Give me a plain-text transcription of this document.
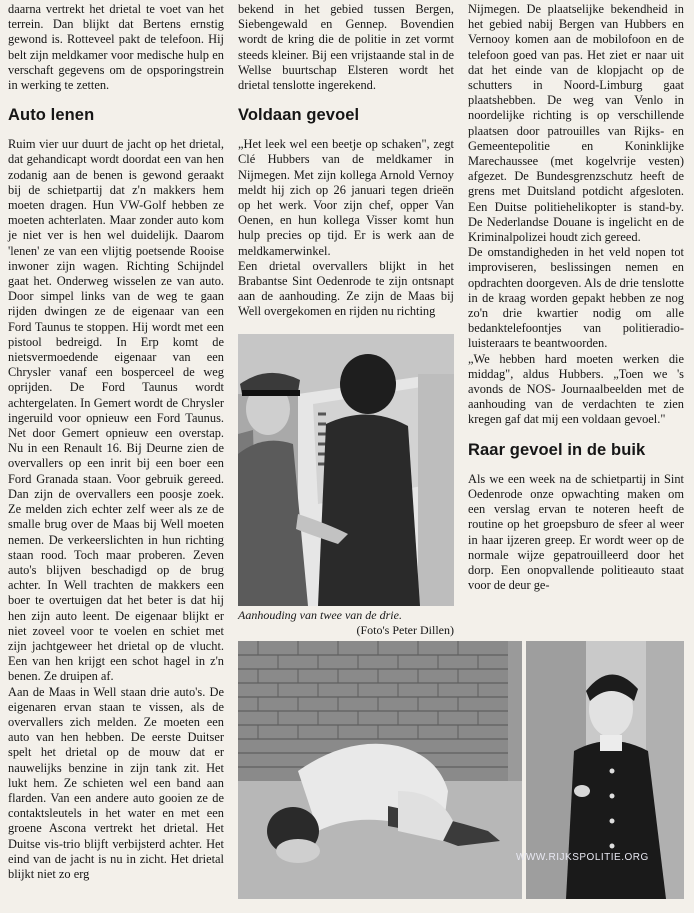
daarna vertrekt het drietal te voet van het terrein. Dan blijkt dat Bertens ernstig gewond is. Rotteveel pakt de telefoon. Hij belt zijn meldkamer voor medische hulp en verschaft gegevens om de opsporingstrein in werking te zetten.

Auto lenen

Ruim vier uur duurt de jacht op het drietal, dat gehandicapt wordt doordat een van hen zodanig aan de benen is gewond geraakt bij de schietpartij dat z'n makkers hem moeten dragen. Hun VW-Golf hebben ze moeten achterlaten. Maar zonder auto kom je niet ver is hen wel duidelijk. Daarom 'lenen' ze van een vlijtig poetsende Rooise inwoner zijn wagen. Richting Schijndel gaat het. Onderweg wisselen ze van auto. Door simpel links van de weg te gaan rijden dwingen ze de eigenaar van een Ford Taunus te stoppen. Hij wordt met een pistool bedreigd. In Erp komt de nietsvermoedende eigenaar van een Chrysler vanaf een bosperceel de weg oprijden. De Ford Taunus wordt achtergelaten. In Gemert wordt de Chrysler ingeruild voor opnieuw een Ford Taunus. Net door Gemert opnieuw een overstap. Nu in een Renault 16. Bij Deurne zien de overvallers op een inrit bij een boer een Ford Granada staan. Voor gebruik gereed. Dan zijn de overvallers een poosje zoek. Ze melden zich echter zelf weer als ze de smalle brug over de Maas bij Well moeten nemen. De verkeerslichten in hun richting staan rood. Toch maar proberen. Zeven auto's blijven beschadigd op de brug achter. In Well trachten de makkers een boer te overtuigen dat het beter is dat hij hen zijn auto leent. De eigenaar blijkt er niet zoveel voor te voelen en schiet met zijn jachtgeweer het drietal op de vlucht. Een van hen krijgt een schot hagel in z'n benen. Ze druipen af.

Aan de Maas in Well staan drie auto's. De eigenaren ervan staan te vissen, als de overvallers zich melden. Ze moeten een auto van hen hebben. De eerste Duitser spelt het drietal op de mouw dat er nauwelijks benzine in zijn tank zit. Het lukt hem. Ze schieten wel een band aan flarden. Van een andere auto gooien ze de contaktsleutels in het water en met een groene Ascona vertrekt het drietal. Het Duitse vis-trio blijft verbijsterd achter. Het eind van de jacht is nu in zicht. Het drietal blijkt niet zo erg

bekend in het gebied tussen Bergen, Siebengewald en Gennep. Bovendien wordt de kring die de politie in zet vormt steeds kleiner. Bij een vrijstaande stal in de Wellse buurtschap Elsteren wordt het drietal tenslotte ingerekend.

Voldaan gevoel

„Het leek wel een beetje op schaken", zegt Clé Hubbers van de meldkamer in Nijmegen. Met zijn kollega Arnold Vernoy meldt hij zich op 26 januari tegen drieën op het werk. Voor zijn chef, opper Van Oenen, en hun kollega Visser komt hun hulp precies op tijd. Er is werk aan de meldkamerwinkel.

Een drietal overvallers blijkt in het Brabantse Sint Oedenrode te zijn ontsnapt aan de aanhouding. Ze zijn de Maas bij Well overgekomen en rijden nu richting

Nijmegen. De plaatselijke bekendheid in het gebied nabij Bergen van Hubbers en Vernooy komen aan de mobilofoon en de telefoon goed van pas. Het ziet er naar uit dat het einde van de klopjacht op de schutters in Noord-Limburg gaat plaatshebben. De weg van Venlo in noordelijke richting is op verschillende plaatsen door patrouilles van Rijks- en Gemeentepolitie en Koninklijke Marechaussee (met kogelvrije vesten) afgezet. De Bundesgrenzschutz heeft de grens met Duitsland potdicht afgesloten. Een Duitse politiehelikopter is stand-by. De Nederlandse Douane is ingelicht en de Kriminalpolizei houdt zich gereed.

De omstandigheden in het veld nopen tot improviseren, beslissingen nemen en opdrachten doorgeven. Als de drie tenslotte in de kraag worden gepakt hebben ze nog zo'n drie kwartier nodig om alle bedanktelefoontjes van politieradio-luisteraars te beantwoorden.

„We hebben hard moeten werken die middag", aldus Hubbers. „Toen we 's avonds de NOS- Journaalbeelden met de aanhouding van de verdachten te zien kregen gaf dat mij een voldaan gevoel."

Raar gevoel in de buik

Als we een week na de schietpartij in Sint Oedenrode onze opwachting maken om een verslag ervan te noteren heeft de routine op het groepsburo de sfeer al weer in haar ijzeren greep. Er wordt weer op de normale wijze gepatrouilleerd door het dorp. Een onopvallende politieauto staat voor de deur ge-

Aanhouding van twee van de drie.
(Foto's Peter Dillen)
WWW.RIJKSPOLITIE.ORG
